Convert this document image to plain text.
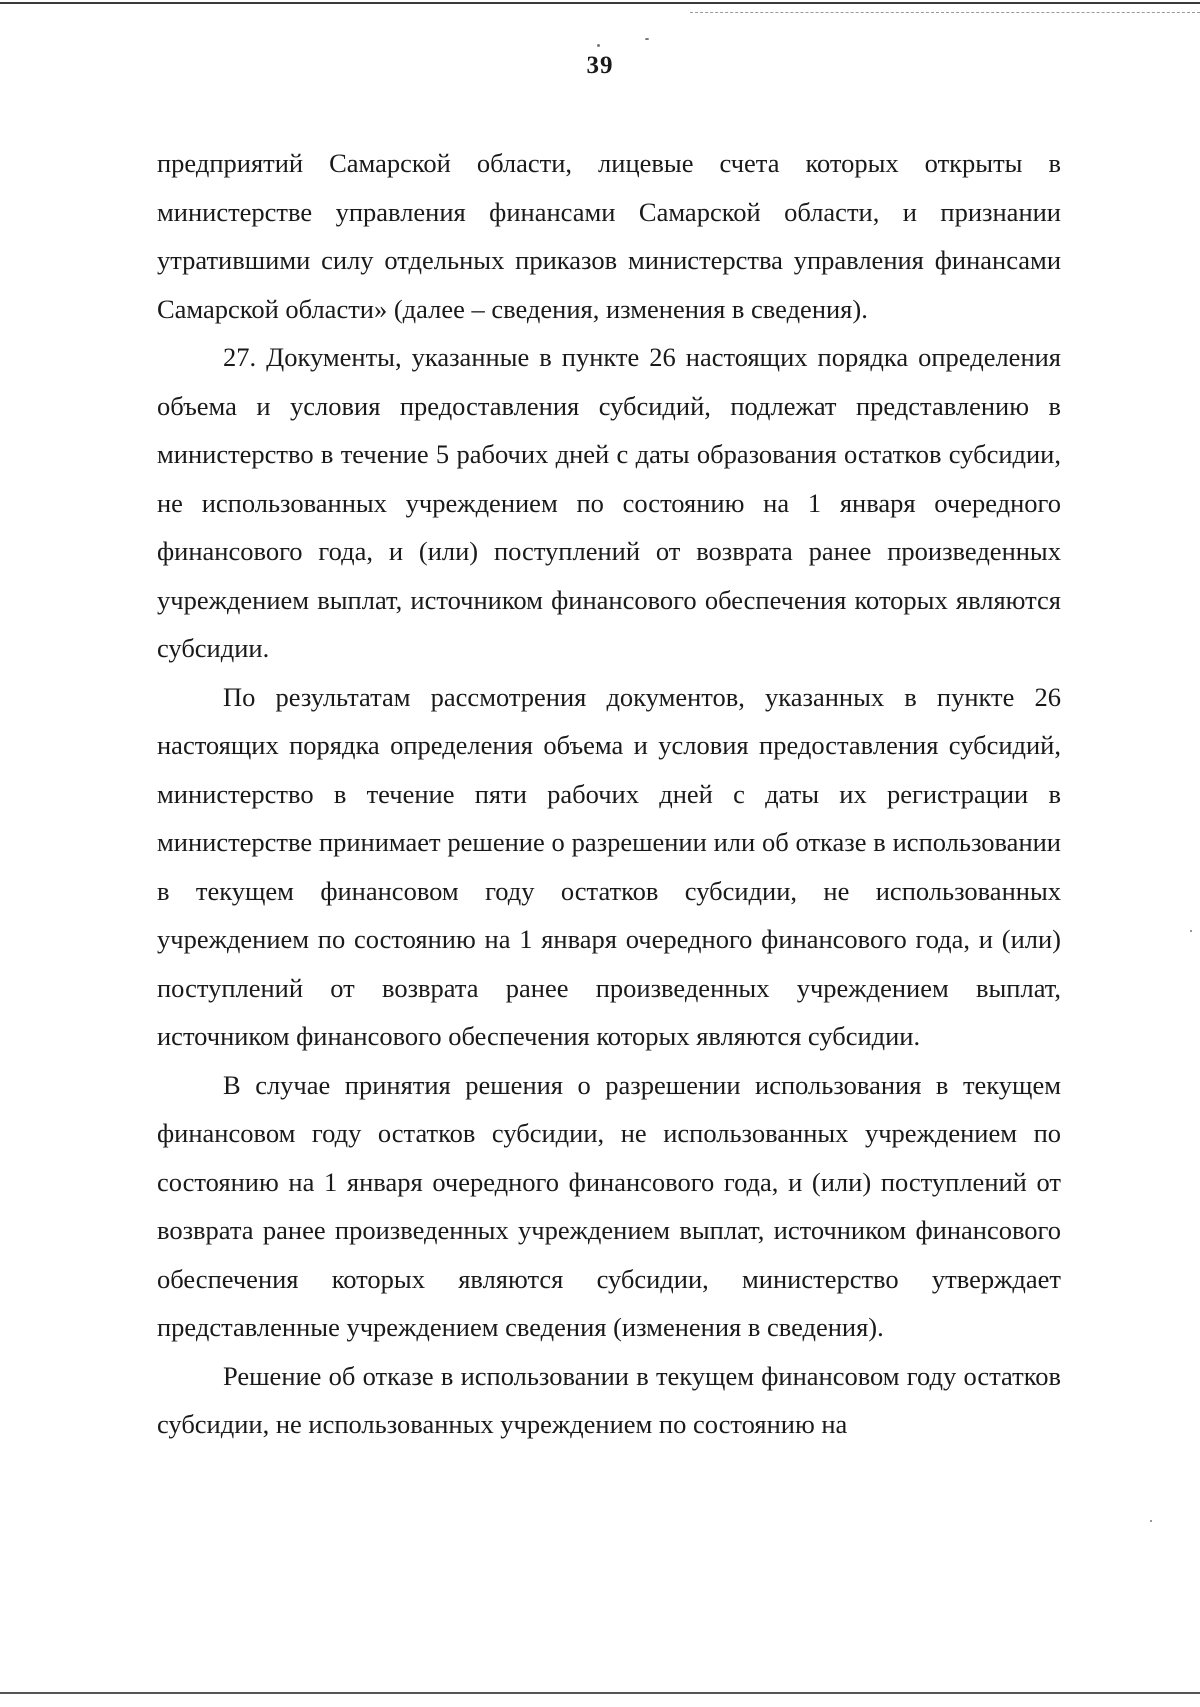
39

предприятий Самарской области, лицевые счета которых открыты в министерстве управления финансами Самарской области, и признании утратившими силу отдельных приказов министерства управления финансами Самарской области» (далее – сведения, изменения в сведения).

27. Документы, указанные в пункте 26 настоящих порядка определения объема и условия предоставления субсидий, подлежат представлению в министерство в течение 5 рабочих дней с даты образования остатков субсидии, не использованных учреждением по состоянию на 1 января очередного финансового года, и (или) поступлений от возврата ранее произведенных учреждением выплат, источником финансового обеспечения которых являются субсидии.

По результатам рассмотрения документов, указанных в пункте 26 настоящих порядка определения объема и условия предоставления субсидий, министерство в течение пяти рабочих дней с даты их регистрации в министерстве принимает решение о разрешении или об отказе в использовании в текущем финансовом году остатков субсидии, не использованных учреждением по состоянию на 1 января очередного финансового года, и (или) поступлений от возврата ранее произведенных учреждением выплат, источником финансового обеспечения которых являются субсидии.

В случае принятия решения о разрешении использования в текущем финансовом году остатков субсидии, не использованных учреждением по состоянию на 1 января очередного финансового года, и (или) поступлений от возврата ранее произведенных учреждением выплат, источником финансового обеспечения которых являются субсидии, министерство утверждает представленные учреждением сведения (изменения в сведения).

Решение об отказе в использовании в текущем финансовом году остатков субсидии, не использованных учреждением по состоянию на
